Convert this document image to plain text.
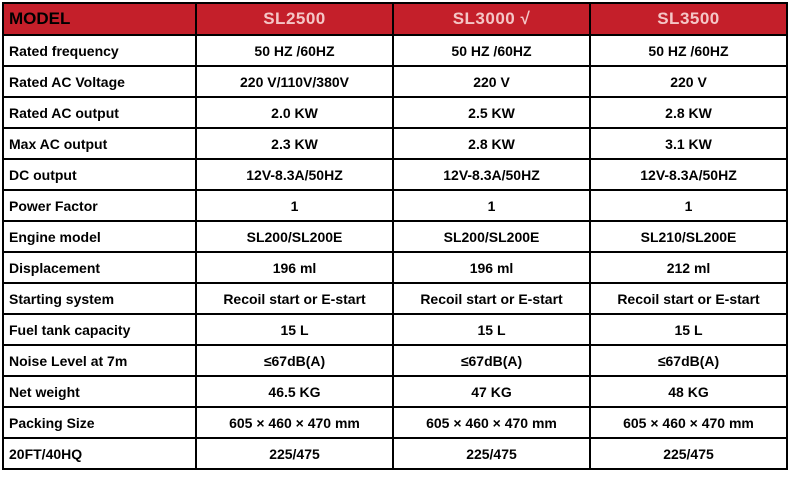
MODEL	SL2500	SL3000 √	SL3500
Rated frequency	50 HZ /60HZ	50 HZ /60HZ	50 HZ /60HZ
Rated AC Voltage	220 V/110V/380V	220 V	220 V
Rated AC output	2.0 KW	2.5 KW	2.8 KW
Max AC output	2.3 KW	2.8 KW	3.1 KW
DC output	12V-8.3A/50HZ	12V-8.3A/50HZ	12V-8.3A/50HZ
Power Factor	1	1	1
Engine model	SL200/SL200E	SL200/SL200E	SL210/SL200E
Displacement	196 ml	196 ml	212 ml
Starting system	Recoil start or E-start	Recoil start or E-start	Recoil start or E-start
Fuel tank capacity	15 L	15 L	15 L
Noise Level at 7m	≤67dB(A)	≤67dB(A)	≤67dB(A)
Net weight	46.5 KG	47 KG	48 KG
Packing Size	605 × 460 × 470 mm	605 × 460 × 470 mm	605 × 460 × 470 mm
20FT/40HQ	225/475	225/475	225/475
